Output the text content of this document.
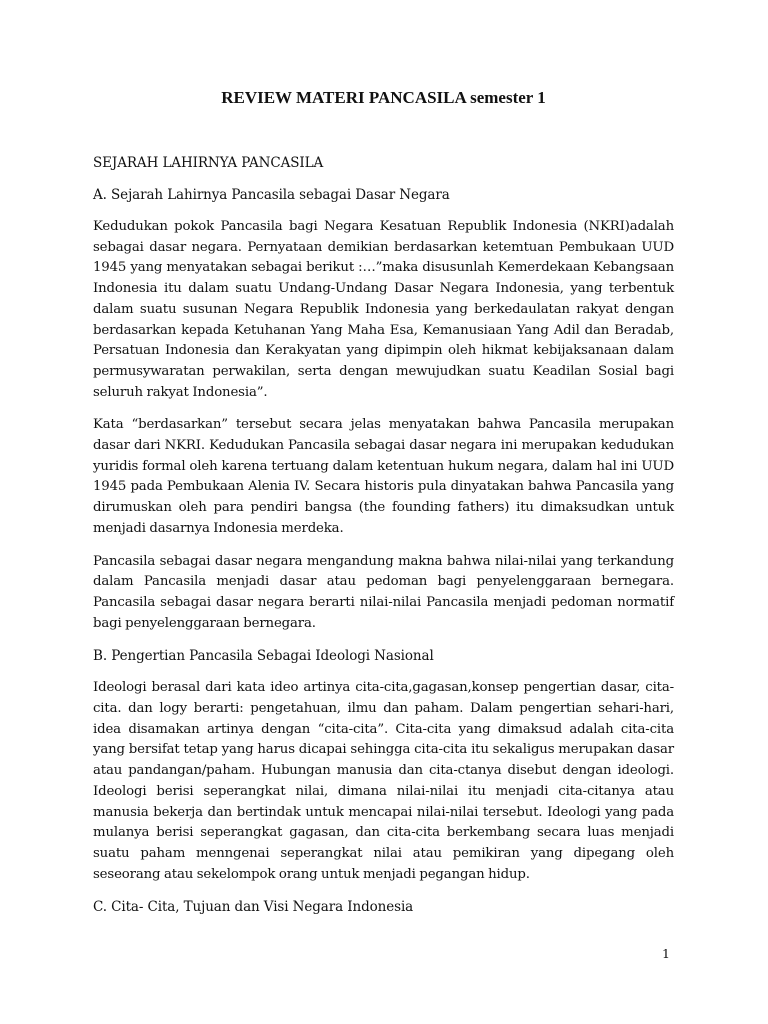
REVIEW MATERI PANCASILA semester 1

SEJARAH LAHIRNYA PANCASILA

A. Sejarah Lahirnya Pancasila sebagai Dasar Negara

Kedudukan pokok Pancasila bagi Negara Kesatuan Republik Indonesia (NKRI)adalah sebagai dasar negara. Pernyataan demikian berdasarkan ketemtuan Pembukaan UUD 1945 yang menyatakan sebagai berikut :…”maka disusunlah Kemerdekaan Kebangsaan Indonesia itu dalam suatu Undang-Undang Dasar Negara Indonesia, yang terbentuk dalam suatu susunan Negara Republik Indonesia yang berkedaulatan rakyat dengan berdasarkan kepada Ketuhanan Yang Maha Esa, Kemanusiaan Yang Adil dan Beradab, Persatuan Indonesia dan Kerakyatan yang dipimpin oleh hikmat kebijaksanaan dalam permusywaratan perwakilan, serta dengan mewujudkan suatu Keadilan Sosial bagi seluruh rakyat Indonesia”.

Kata “berdasarkan” tersebut secara jelas menyatakan bahwa Pancasila merupakan dasar dari NKRI. Kedudukan Pancasila sebagai dasar negara ini merupakan kedudukan yuridis formal oleh karena tertuang dalam ketentuan hukum negara, dalam hal ini UUD 1945 pada Pembukaan Alenia IV. Secara historis pula dinyatakan bahwa Pancasila yang dirumuskan oleh para pendiri bangsa (the founding fathers) itu dimaksudkan untuk menjadi dasarnya Indonesia merdeka.

Pancasila sebagai dasar negara mengandung makna bahwa nilai-nilai yang terkandung dalam Pancasila menjadi dasar atau pedoman bagi penyelenggaraan bernegara. Pancasila sebagai dasar negara berarti nilai-nilai Pancasila menjadi pedoman normatif bagi penyelenggaraan bernegara.

B. Pengertian Pancasila Sebagai Ideologi Nasional

Ideologi berasal dari kata ideo artinya cita-cita,gagasan,konsep pengertian dasar, cita-cita. dan logy berarti: pengetahuan, ilmu dan paham. Dalam pengertian sehari-hari, idea disamakan artinya dengan “cita-cita”. Cita-cita yang dimaksud adalah cita-cita yang bersifat tetap yang harus dicapai sehingga cita-cita itu sekaligus merupakan dasar atau pandangan/paham. Hubungan manusia dan cita-ctanya disebut dengan ideologi. Ideologi berisi seperangkat nilai, dimana nilai-nilai itu menjadi cita-citanya atau manusia bekerja dan bertindak untuk mencapai nilai-nilai tersebut. Ideologi yang pada mulanya berisi seperangkat gagasan, dan cita-cita berkembang secara luas menjadi suatu paham menngenai seperangkat nilai atau pemikiran yang dipegang oleh seseorang atau sekelompok orang untuk menjadi pegangan hidup.

C. Cita- Cita, Tujuan dan Visi Negara Indonesia

1
